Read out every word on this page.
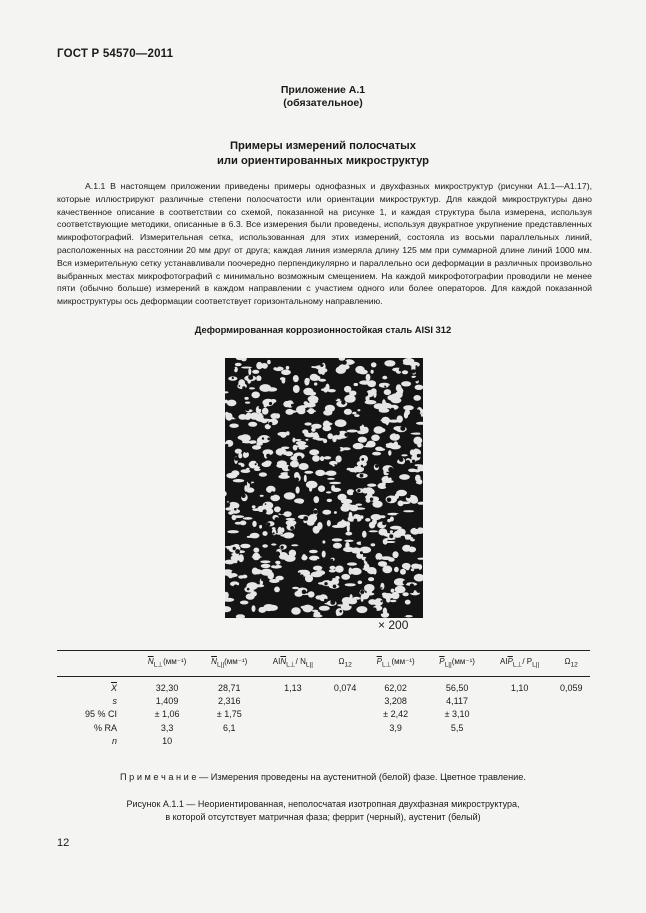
ГОСТ Р 54570—2011
Приложение А.1
(обязательное)
Примеры измерений полосчатых
или ориентированных микроструктур

А.1.1 В настоящем приложении приведены примеры однофазных и двухфазных микроструктур (рисунки А1.1—А1.17), которые иллюстрируют различные степени полосчатости или ориентации микроструктур. Для каждой микроструктуры дано качественное описание в соответствии со схемой, показанной на рисунке 1, и каждая структура была измерена, используя соответствующие методики, описанные в 6.3. Все измерения были проведены, используя двукратное укрупнение представленных микрофотографий. Измерительная сетка, использованная для этих измерений, состояла из восьми параллельных линий, расположенных на расстоянии 20 мм друг от друга; каждая линия измеряла длину 125 мм при суммарной длине линий 1000 мм. Вся измерительную сетку устанавливали поочередно перпендикулярно и параллельно оси деформации в различных произвольно выбранных местах микрофотографий с минимально возможным смещением. На каждой микрофотографии проводили не менее пяти (обычно больше) измерений в каждом направлении с участием одного или более операторов. Для каждой показанной микроструктуры ось деформации соответствует горизонтальному направлению.

Деформированная коррозионностойкая сталь AISI 312
× 200
	$\overline{N}_{L\perp}(мм^{-1})$	$\overline{N}_{L||}(мм^{-1})$	$AI\overline{N}_{L\perp}/$ $N_{L||}$	$\Omega_{12}$	$\overline{P}_{L\perp}(мм^{-1})$	$\overline{P}_{L||}(мм^{-1})$	$AI\overline{P}_{L\perp}/$ $P_{L||}$	$\Omega_{12}$
$\overline{X}$	32,30	28,71	1,13	0,074	62,02	56,50	1,10	0,059
s	1,409	2,316			3,208	4,117		
95 % CI	± 1,06	± 1,75			± 2,42	± 3,10		
% RA	3,3	6,1			3,9	5,5		
n	10							
П р и м е ч а н и е — Измерения проведены на аустенитной (белой) фазе. Цветное травление.
Рисунок А.1.1 — Неориентированная, неполосчатая изотропная двухфазная микроструктура,
в которой отсутствует матричная фаза; феррит (черный), аустенит (белый)
12
